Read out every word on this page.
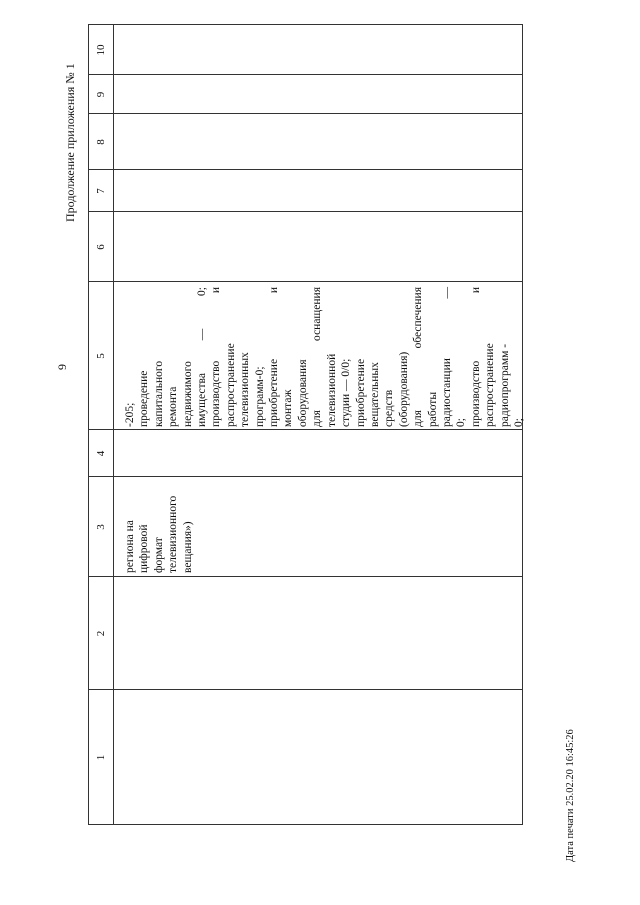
1
2
3
4
5
6
7
8
9
10
региона на цифровой формат телевизионного вещания»)
-205; проведение капитального ремонта недвижимого имущества — 0; производство и распространение телевизионных программ-0; приобретение и монтаж оборудования для оснащения телевизионной студии — 0/0; приобретение вещательных средств (оборудования) для обеспечения работы радиостанции — 0; производство и распространение радиопрограмм - 0;
9
Продолжение приложения № 1
Дата печати 25.02.20 16:45:26
